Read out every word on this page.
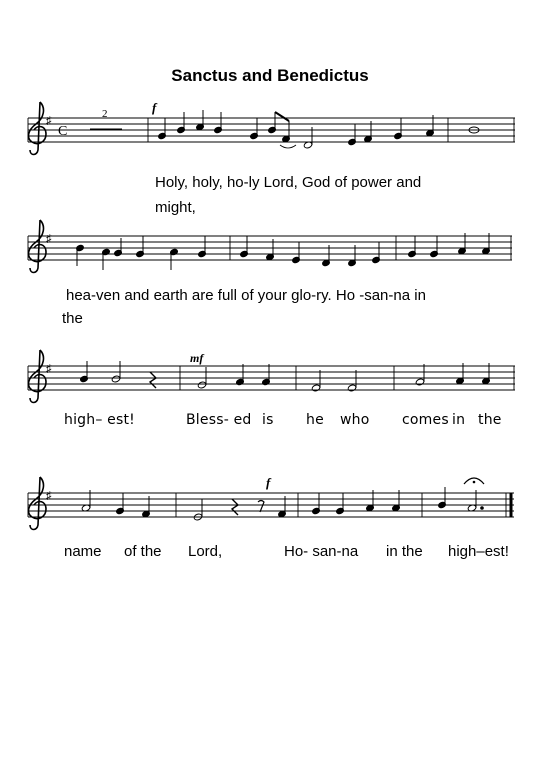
Sanctus and Benedictus
♯
C
2	f
♯
♯
mf
♯
f
Holy, holy, ho-ly Lord, God of power and
might,
hea-ven and earth are full of your glo-ry. Ho -san-na in
the
high– est!	Bless- ed is he who comes in the
name of the Lord,	Ho- san-na in the high–est!
